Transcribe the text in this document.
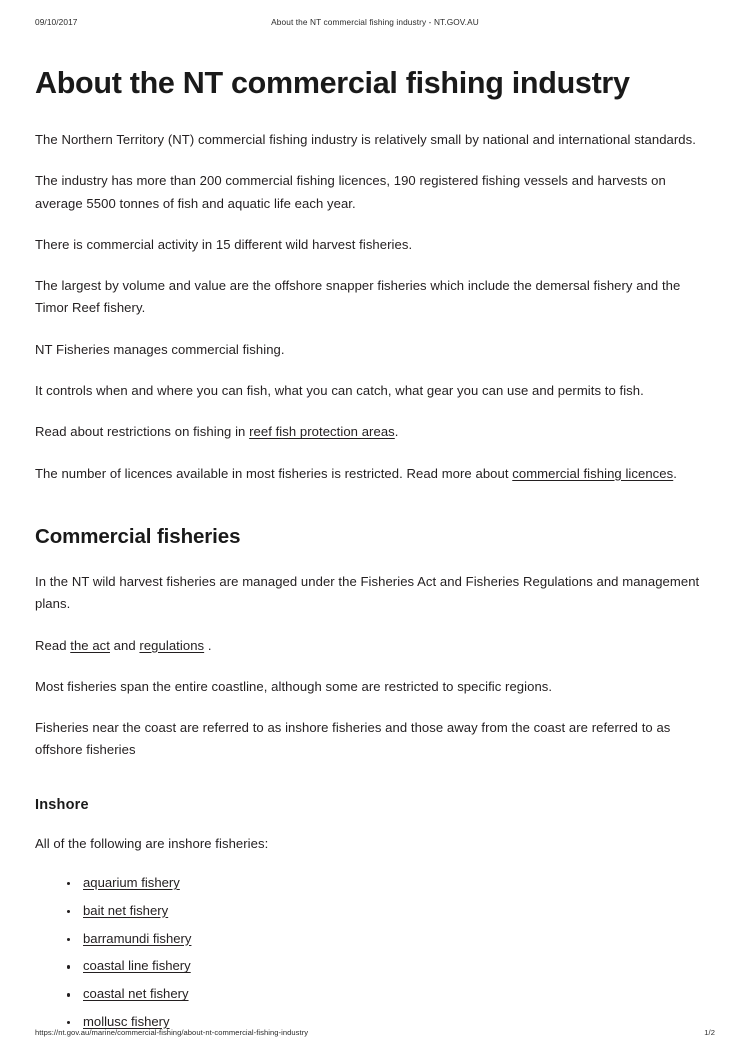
09/10/2017	About the NT commercial fishing industry - NT.GOV.AU
About the NT commercial fishing industry

The Northern Territory (NT) commercial fishing industry is relatively small by national and international standards.

The industry has more than 200 commercial fishing licences, 190 registered fishing vessels and harvests on average 5500 tonnes of fish and aquatic life each year.

There is commercial activity in 15 different wild harvest fisheries.

The largest by volume and value are the offshore snapper fisheries which include the demersal fishery and the Timor Reef fishery.

NT Fisheries manages commercial fishing.

It controls when and where you can fish, what you can catch, what gear you can use and permits to fish.

Read about restrictions on fishing in reef fish protection areas.

The number of licences available in most fisheries is restricted. Read more about commercial fishing licences.

Commercial fisheries

In the NT wild harvest fisheries are managed under the Fisheries Act and Fisheries Regulations and management plans.

Read the act and regulations .

Most fisheries span the entire coastline, although some are restricted to specific regions.

Fisheries near the coast are referred to as inshore fisheries and those away from the coast are referred to as offshore fisheries

Inshore

All of the following are inshore fisheries:

aquarium fishery
bait net fishery
barramundi fishery
coastal line fishery
coastal net fishery
mollusc fishery
https://nt.gov.au/marine/commercial-fishing/about-nt-commercial-fishing-industry	1/2
